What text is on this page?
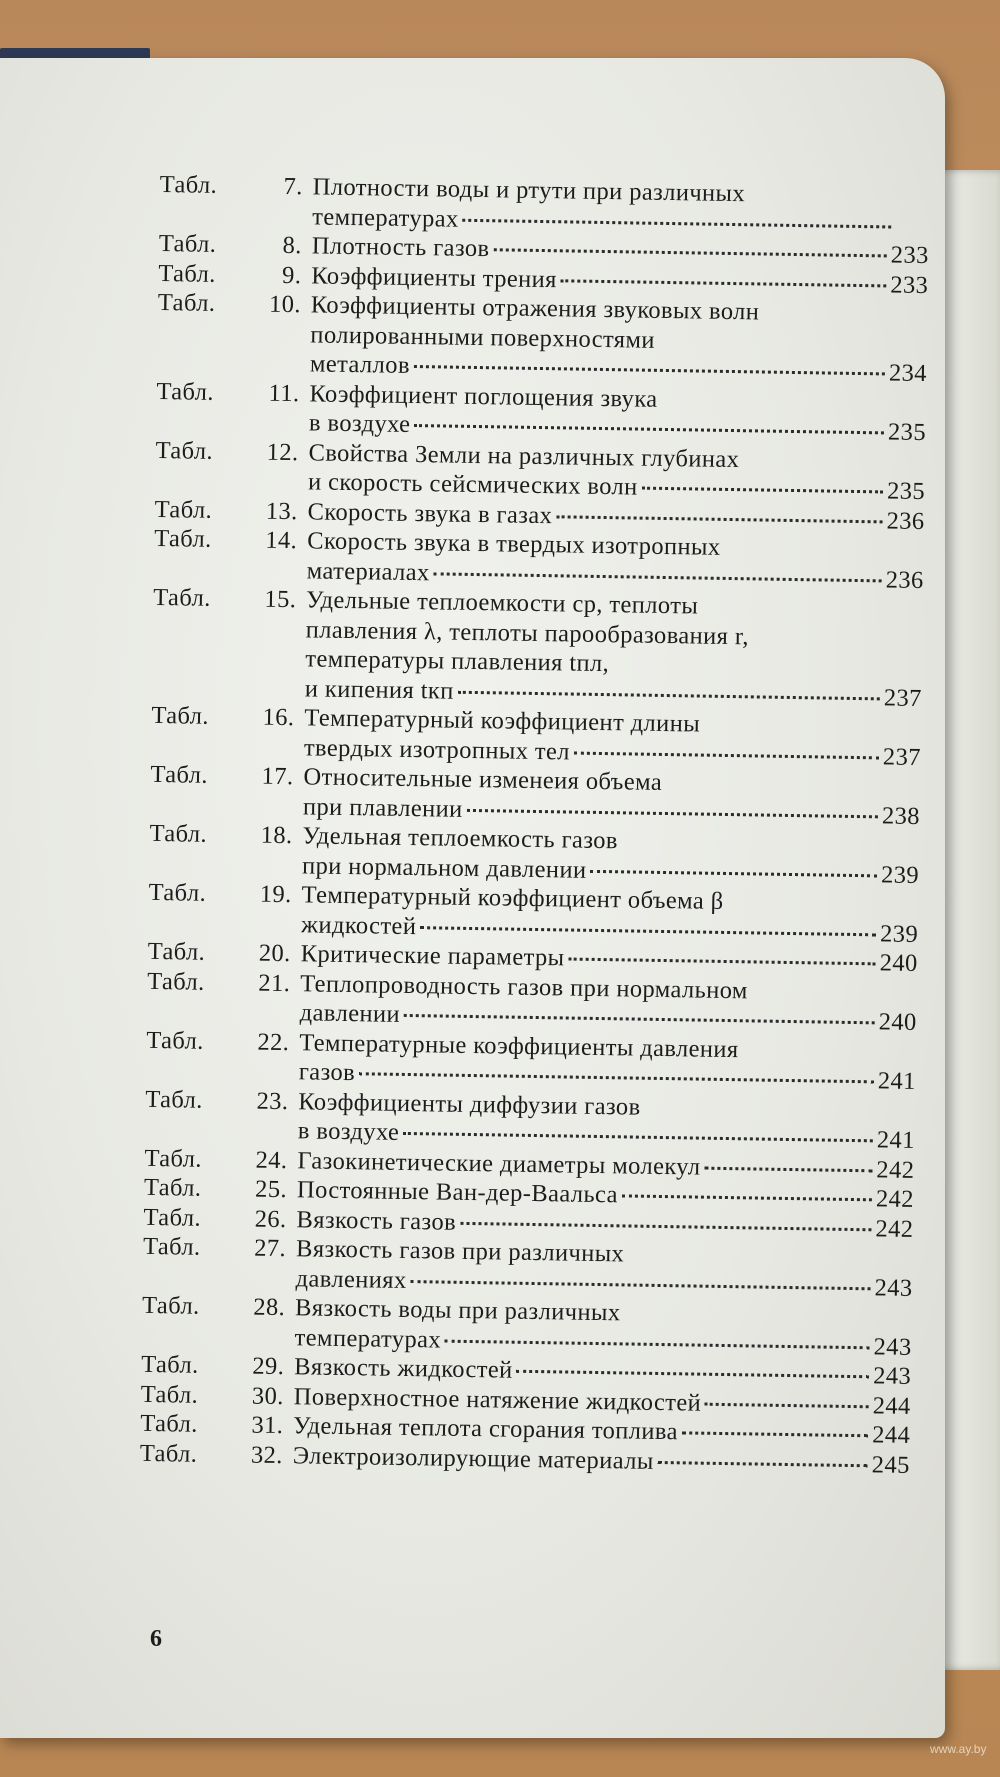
Табл.	7. Плотности воды и ртути при различных
температурах
Табл.	8. Плотность газов	233
Табл.	9. Коэффициенты трения	233
Табл.	10. Коэффициенты отражения звуковых волн
полированными поверхностями
металлов	234
Табл.	11. Коэффициент поглощения звука
в воздухе	235
Табл.	12. Свойства Земли на различных глубинах
и скорость сейсмических волн	235
Табл.	13. Скорость звука в газах	236
Табл.	14. Скорость звука в твердых изотропных
материалах	236
Табл.	15. Удельные теплоемкости cp, теплоты
плавления λ, теплоты парообразования r,
температуры плавления tпл,
и кипения tкп	237
Табл.	16. Температурный коэффициент длины
твердых изотропных тел	237
Табл.	17. Относительные изменеия объема
при плавлении	238
Табл.	18. Удельная теплоемкость газов
при нормальном давлении	239
Табл.	19. Температурный коэффициент объема β
жидкостей	239
Табл.	20. Критические параметры	240
Табл.	21. Теплопроводность газов при нормальном
давлении	240
Табл.	22. Температурные коэффициенты давления
газов	241
Табл.	23. Коэффициенты диффузии газов
в воздухе	241
Табл.	24. Газокинетические диаметры молекул	242
Табл.	25. Постоянные Ван-дер-Ваальса	242
Табл.	26. Вязкость газов	242
Табл.	27. Вязкость газов при различных
давлениях	243
Табл.	28. Вязкость воды при различных
температурах	243
Табл.	29. Вязкость жидкостей	243
Табл.	30. Поверхностное натяжение жидкостей	244
Табл.	31. Удельная теплота сгорания топлива	244
Табл.	32. Электроизолирующие материалы	245
6
www.ay.by
